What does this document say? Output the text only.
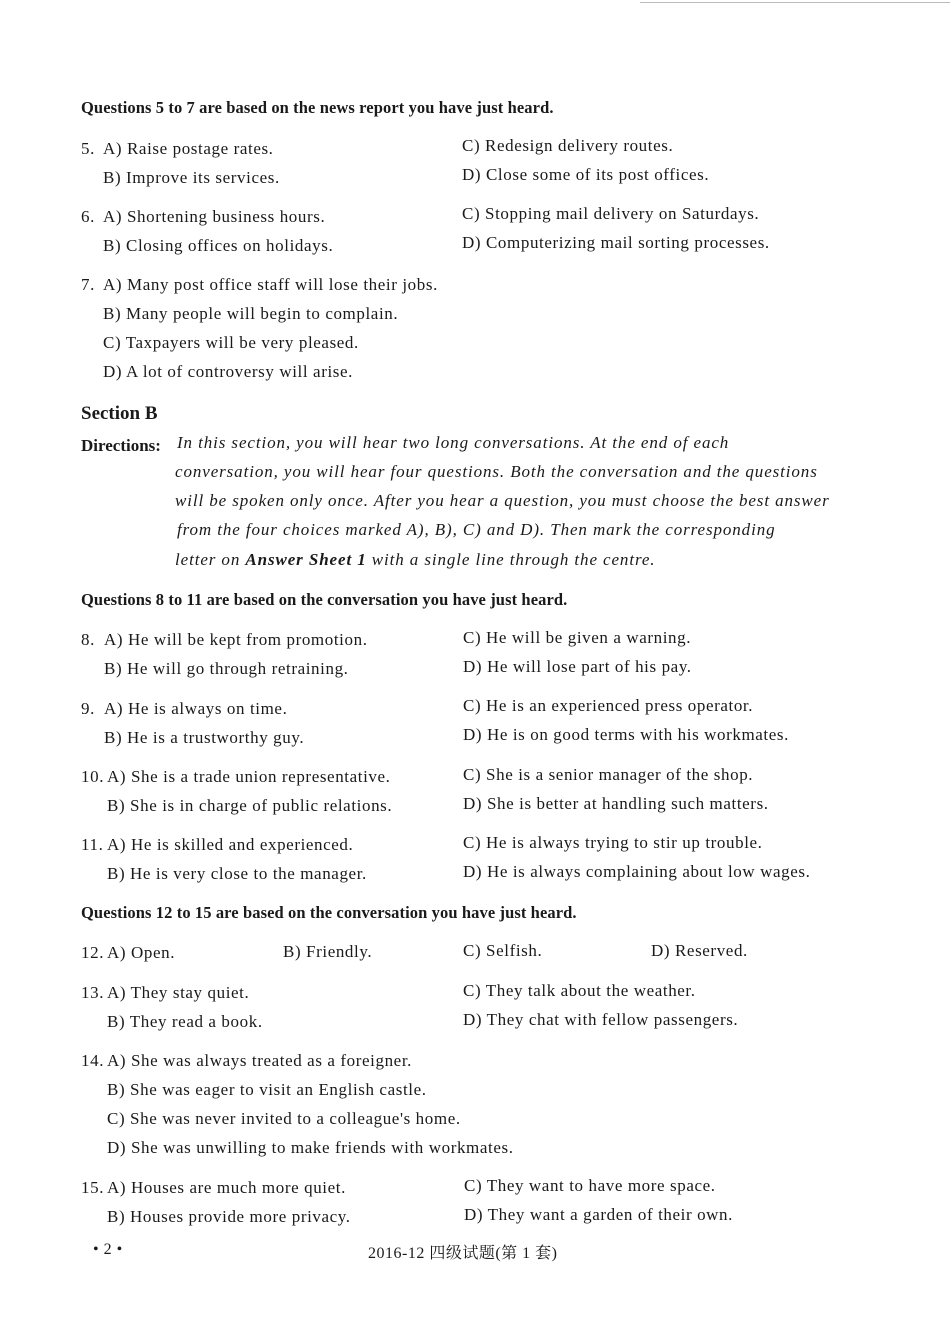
Questions 5 to 7 are based on the news report you have just heard.
5. A) Raise postage rates.
B) Improve its services.
C) Redesign delivery routes.
D) Close some of its post offices.
6. A) Shortening business hours.
B) Closing offices on holidays.
C) Stopping mail delivery on Saturdays.
D) Computerizing mail sorting processes.
7. A) Many post office staff will lose their jobs.
B) Many people will begin to complain.
C) Taxpayers will be very pleased.
D) A lot of controversy will arise.
Section B
Directions: In this section, you will hear two long conversations. At the end of each
conversation, you will hear four questions. Both the conversation and the questions
will be spoken only once. After you hear a question, you must choose the best answer
from the four choices marked A), B), C) and D). Then mark the corresponding
letter on Answer Sheet 1 with a single line through the centre.
Questions 8 to 11 are based on the conversation you have just heard.
8. A) He will be kept from promotion.
B) He will go through retraining.
C) He will be given a warning.
D) He will lose part of his pay.
9. A) He is always on time.
B) He is a trustworthy guy.
C) He is an experienced press operator.
D) He is on good terms with his workmates.
10. A) She is a trade union representative.
B) She is in charge of public relations.
C) She is a senior manager of the shop.
D) She is better at handling such matters.
11. A) He is skilled and experienced.
B) He is very close to the manager.
C) He is always trying to stir up trouble.
D) He is always complaining about low wages.
Questions 12 to 15 are based on the conversation you have just heard.
12. A) Open.	B) Friendly.	C) Selfish.	D) Reserved.
13. A) They stay quiet.
B) They read a book.
C) They talk about the weather.
D) They chat with fellow passengers.
14. A) She was always treated as a foreigner.
B) She was eager to visit an English castle.
C) She was never invited to a colleague's home.
D) She was unwilling to make friends with workmates.
15. A) Houses are much more quiet.
B) Houses provide more privacy.
C) They want to have more space.
D) They want a garden of their own.
• 2 •	2016-12 四级试题(第 1 套)
